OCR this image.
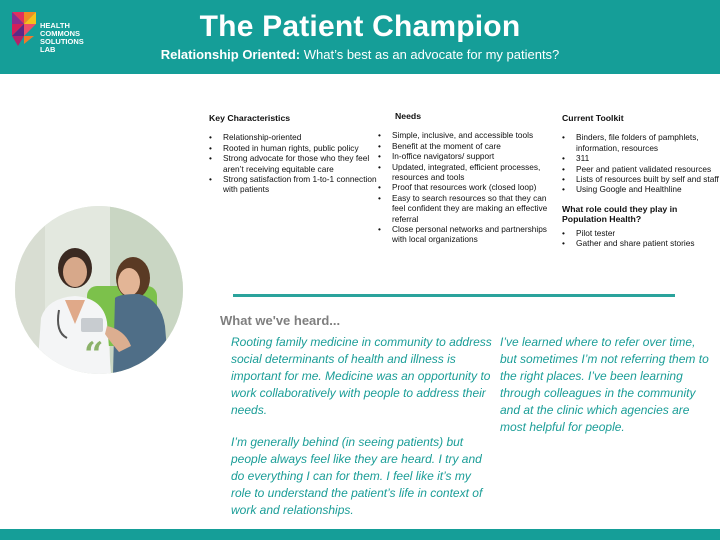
HEALTH
COMMONS
SOLUTIONS
LAB
The Patient Champion
Relationship Oriented: What’s best as an advocate for my patients?
Key Characteristics
• Relationship-oriented
• Rooted in human rights, public policy
• Strong advocate for those who they feel aren’t receiving equitable care
• Strong satisfaction from 1-to-1 connection with patients
Needs
• Simple, inclusive, and accessible tools
• Benefit at the moment of care
• In-office navigators/ support
• Updated, integrated, efficient processes, resources and tools
• Proof that resources work (closed loop)
• Easy to search resources so that they can feel confident they are making an effective referral
• Close personal networks and partnerships with local organizations
Current Toolkit
• Binders, file folders of pamphlets, information, resources
• 311
• Peer and patient validated resources
• Lists of resources built by self and staff
• Using Google and Healthline
What role could they play in Population Health?
• Pilot tester
• Gather and share patient stories
“
What we've heard...
Rooting family medicine in community to address social determinants of health and illness is important for me. Medicine was an opportunity to work collaboratively with people to address their needs.
I’m generally behind (in seeing patients) but people always feel like they are heard. I try and do everything I can for them. I feel like it’s my role to understand the patient’s life in context of work and relationships.
I’ve learned where to refer over time, but sometimes I’m not referring them to the right places. I’ve been learning through colleagues in the community and at the clinic which agencies are most helpful for people.
